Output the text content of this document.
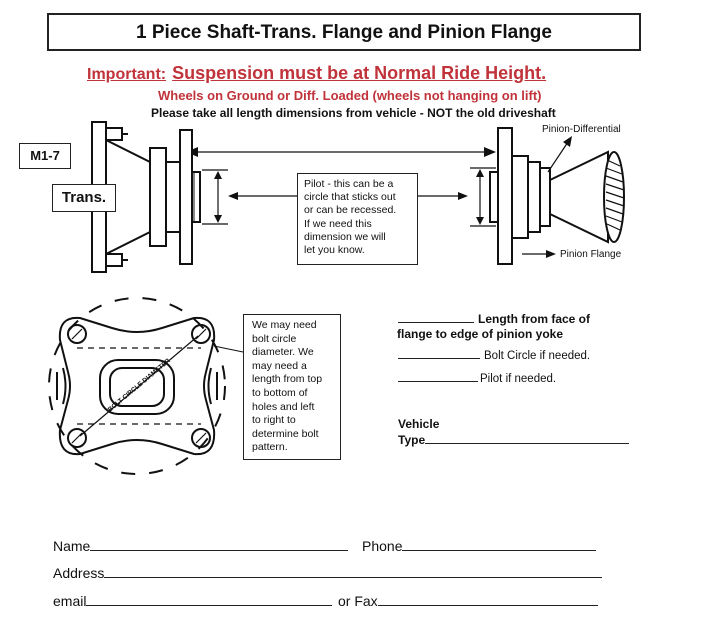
BOLT CIRCLE DIAMETER
1 Piece Shaft-Trans. Flange and Pinion Flange
Important: Suspension must be at Normal Ride Height.
Wheels on Ground or Diff. Loaded (wheels not hanging on lift)
Please take all length dimensions from vehicle - NOT the old driveshaft
M1-7
Trans.
Pinion-Differential
Pinion Flange
Pilot - this can be a
circle that sticks out
or can be recessed.
If we need this
dimension we will
let you know.
We may need
bolt circle
diameter. We
may need a
length from top
to bottom of
holes and left
to right to
determine bolt
pattern.
Length from face of
flange to edge of pinion yoke
Bolt Circle if needed.
Pilot if needed.
Vehicle
Type
Name	Phone
Address
email	or Fax
